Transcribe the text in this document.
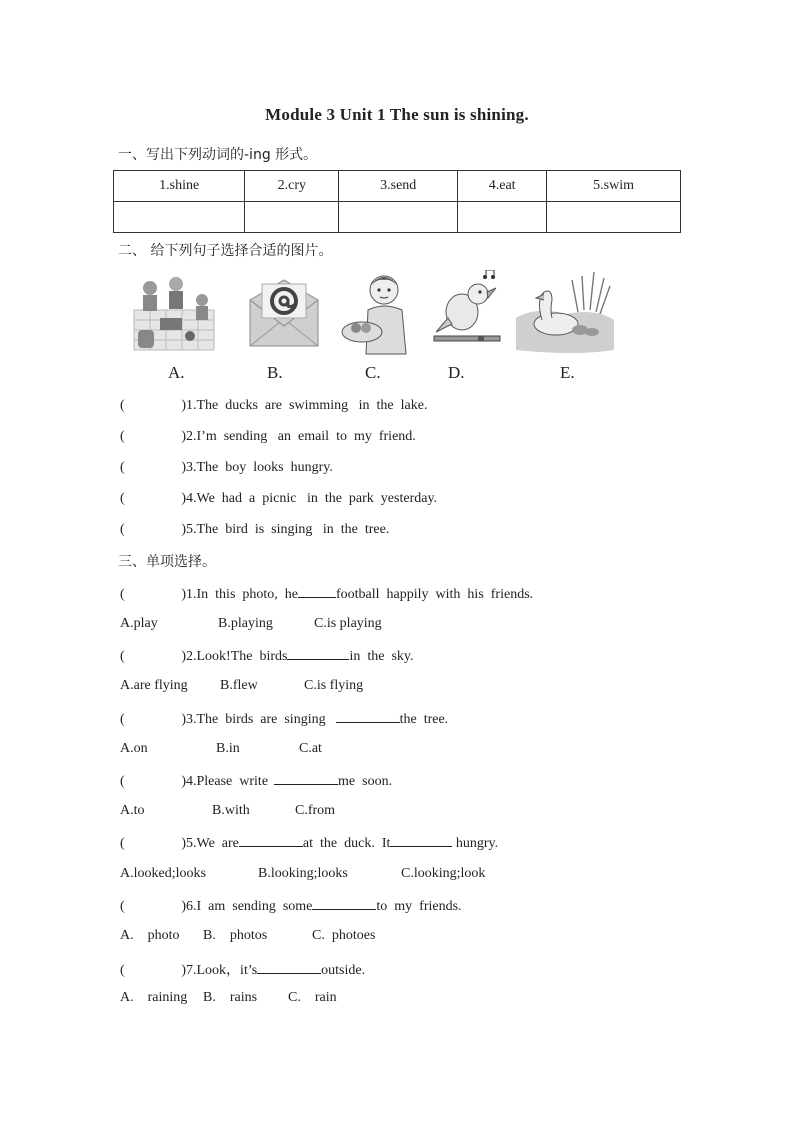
Module 3 Unit 1 The sun is shining.
一、写出下列动词的-ing 形式。
1.shine	2.cry	3.send	4.eat	5.swim

二、 给下列句子选择合适的图片。
A.	B.	C.	D.	E.
(	) 1.The  ducks  are  swimming   in  the  lake.
(	) 2.I’m  sending   an  email  to  my  friend.
(	) 3.The  boy  looks  hungry.
(	) 4.We  had  a  picnic   in  the  park  yesterday.
(	) 5.The  bird  is  singing   in  the  tree.
三、单项选择。
(	) 1.In  this  photo,  he	football  happily  with  his  friends.
A.play	B.playing	C.is playing
(	) 2.Look!The  birds	in  the  sky.
A.are flying B.flew	C.is flying
(	) 3.The  birds  are  singing	the  tree.
A.on	B.in	C.at
(	) 4.Please  write	me  soon.
A.to	B.with	C.from
(	) 5.We  are	at  the  duck.  It	hungry.
A.looked;looks	B.looking;looks	C.looking;look
(	) 6.I  am  sending  some	to  my  friends.
A.    photo B.    photos	C.  photoes
(	) 7.Look，it’s	outside.
A.    raining B.    rains C.    rain
